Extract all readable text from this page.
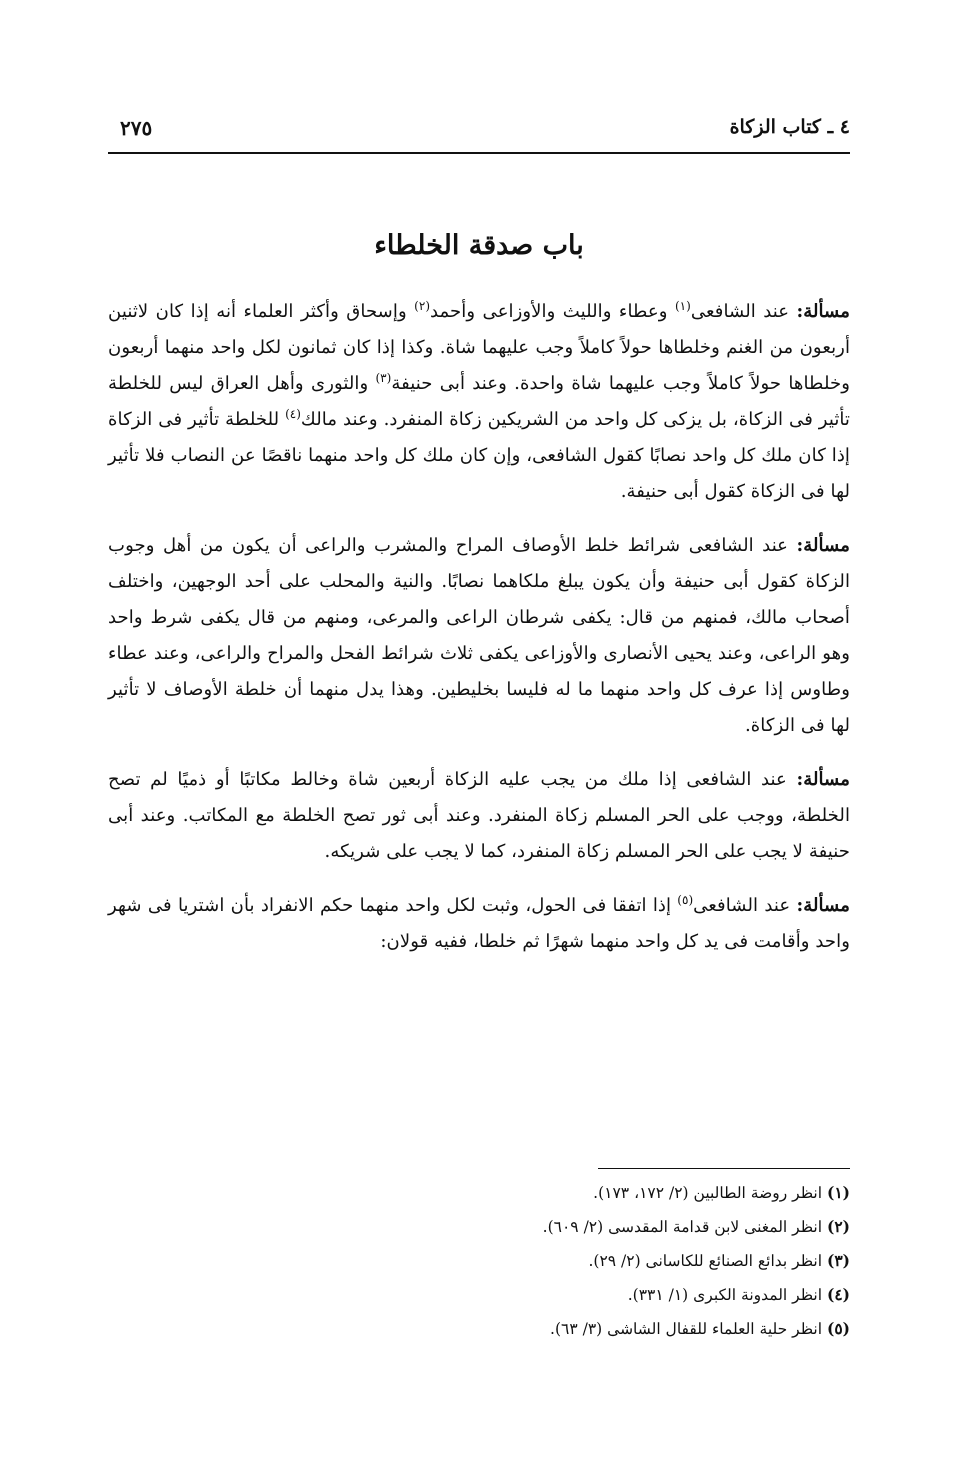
٤ ـ كتاب الزكاة
٢٧٥
باب صدقة الخلطاء

مسألة: عند الشافعى$^{(١)}$ وعطاء والليث والأوزاعى وأحمد$^{(٢)}$ وإسحاق وأكثر العلماء أنه إذا كان لاثنين أربعون من الغنم وخلطاها حولاً كاملاً وجب عليهما شاة. وكذا إذا كان ثمانون لكل واحد منهما أربعون وخلطاها حولاً كاملاً وجب عليهما شاة واحدة. وعند أبى حنيفة$^{(٣)}$ والثورى وأهل العراق ليس للخلطة تأثير فى الزكاة، بل يزكى كل واحد من الشريكين زكاة المنفرد. وعند مالك$^{(٤)}$ للخلطة تأثير فى الزكاة إذا كان ملك كل واحد نصابًا كقول الشافعى، وإن كان ملك كل واحد منهما ناقصًا عن النصاب فلا تأثير لها فى الزكاة كقول أبى حنيفة.

مسألة: عند الشافعى شرائط خلط الأوصاف المراح والمشرب والراعى أن يكون من أهل وجوب الزكاة كقول أبى حنيفة وأن يكون يبلغ ملكاهما نصابًا. والنية والمحلب على أحد الوجهين، واختلف أصحاب مالك، فمنهم من قال: يكفى شرطان الراعى والمرعى، ومنهم من قال يكفى شرط واحد وهو الراعى، وعند يحيى الأنصارى والأوزاعى يكفى ثلاث شرائط الفحل والمراح والراعى، وعند عطاء وطاوس إذا عرف كل واحد منهما ما له فليسا بخليطين. وهذا يدل منهما أن خلطة الأوصاف لا تأثير لها فى الزكاة.

مسألة: عند الشافعى إذا ملك من يجب عليه الزكاة أربعين شاة وخالط مكاتبًا أو ذميًا لم تصح الخلطة، ووجب على الحر المسلم زكاة المنفرد. وعند أبى ثور تصح الخلطة مع المكاتب. وعند أبى حنيفة لا يجب على الحر المسلم زكاة المنفرد، كما لا يجب على شريكه.

مسألة: عند الشافعى$^{(٥)}$ إذا اتفقا فى الحول، وثبت لكل واحد منهما حكم الانفراد بأن اشتريا فى شهر واحد وأقامت فى يد كل واحد منهما شهرًا ثم خلطا، ففيه قولان:

(١) انظر روضة الطالبين (٢/ ١٧٢، ١٧٣).
(٢) انظر المغنى لابن قدامة المقدسى (٢/ ٦٠٩).
(٣) انظر بدائع الصنائع للكاسانى (٢/ ٢٩).
(٤) انظر المدونة الكبرى (١/ ٣٣١).
(٥) انظر حلية العلماء للقفال الشاشى (٣/ ٦٣).
